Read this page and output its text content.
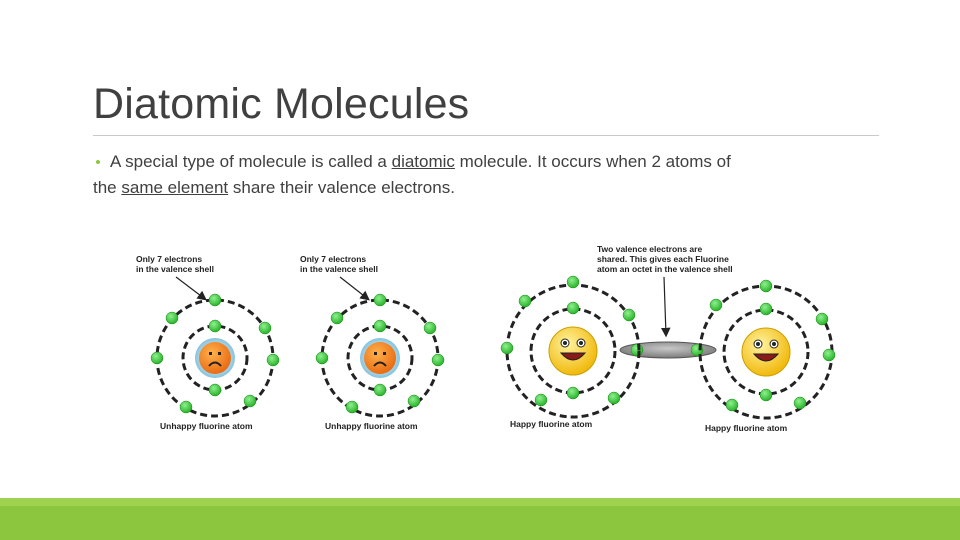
Diatomic Molecules
• A special type of molecule is called a diatomic molecule. It occurs when 2 atoms of
the same element share their valence electrons.
Only 7 electrons
in the valence shell
Unhappy fluorine atom
Only 7 electrons
in the valence shell
Unhappy fluorine atom
Two valence electrons are
shared. This gives each Fluorine
atom an octet in the valence shell
Happy fluorine atom	Happy fluorine atom
